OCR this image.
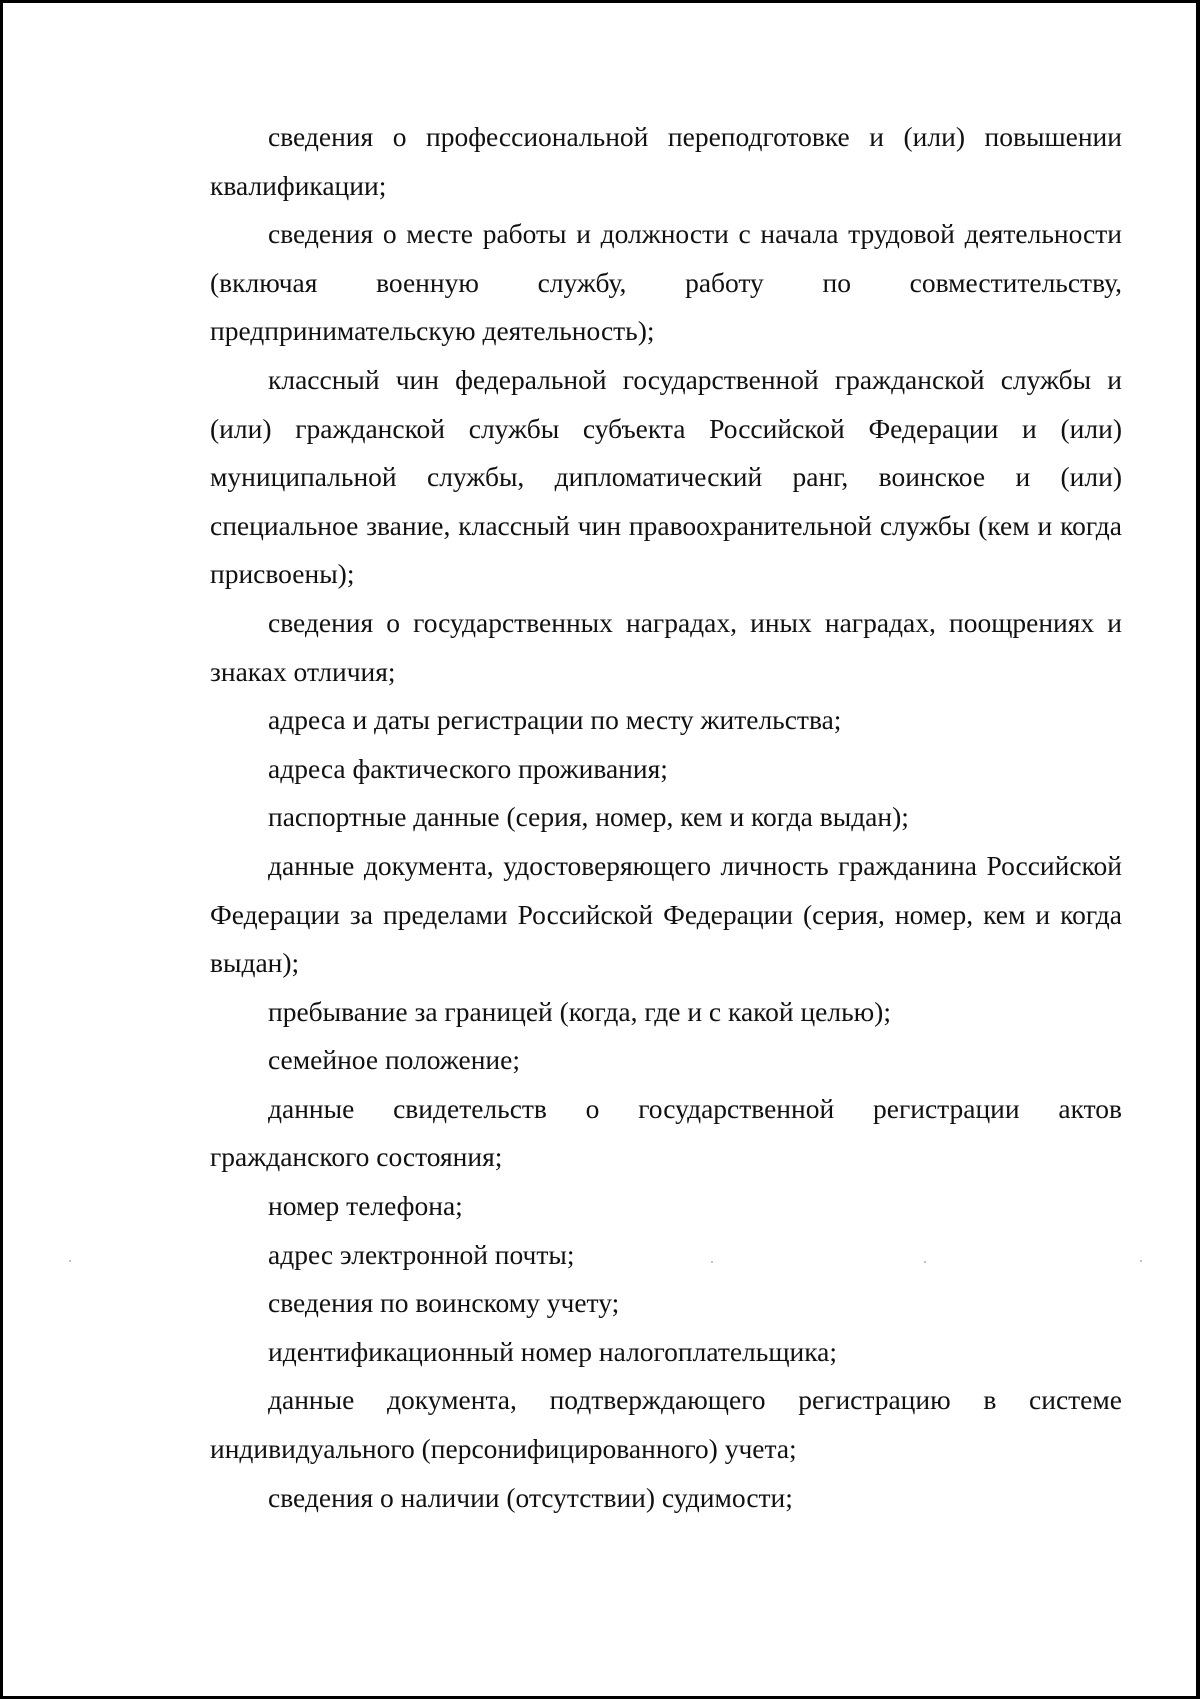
сведения о профессиональной переподготовке и (или) повышении квалификации;

сведения о месте работы и должности с начала трудовой деятельности (включая военную службу, работу по совместительству, предпринимательскую деятельность);

классный чин федеральной государственной гражданской службы и (или) гражданской службы субъекта Российской Федерации и (или) муниципальной службы, дипломатический ранг, воинское и (или) специальное звание, классный чин правоохранительной службы (кем и когда присвоены);

сведения о государственных наградах, иных наградах, поощрениях и знаках отличия;

адреса и даты регистрации по месту жительства;

адреса фактического проживания;

паспортные данные (серия, номер, кем и когда выдан);

данные документа, удостоверяющего личность гражданина Российской Федерации за пределами Российской Федерации (серия, номер, кем и когда выдан);

пребывание за границей (когда, где и с какой целью);

семейное положение;

данные свидетельств о государственной регистрации актов гражданского состояния;

номер телефона;

адрес электронной почты;

сведения по воинскому учету;

идентификационный номер налогоплательщика;

данные документа, подтверждающего регистрацию в системе индивидуального (персонифицированного) учета;

сведения о наличии (отсутствии) судимости;
